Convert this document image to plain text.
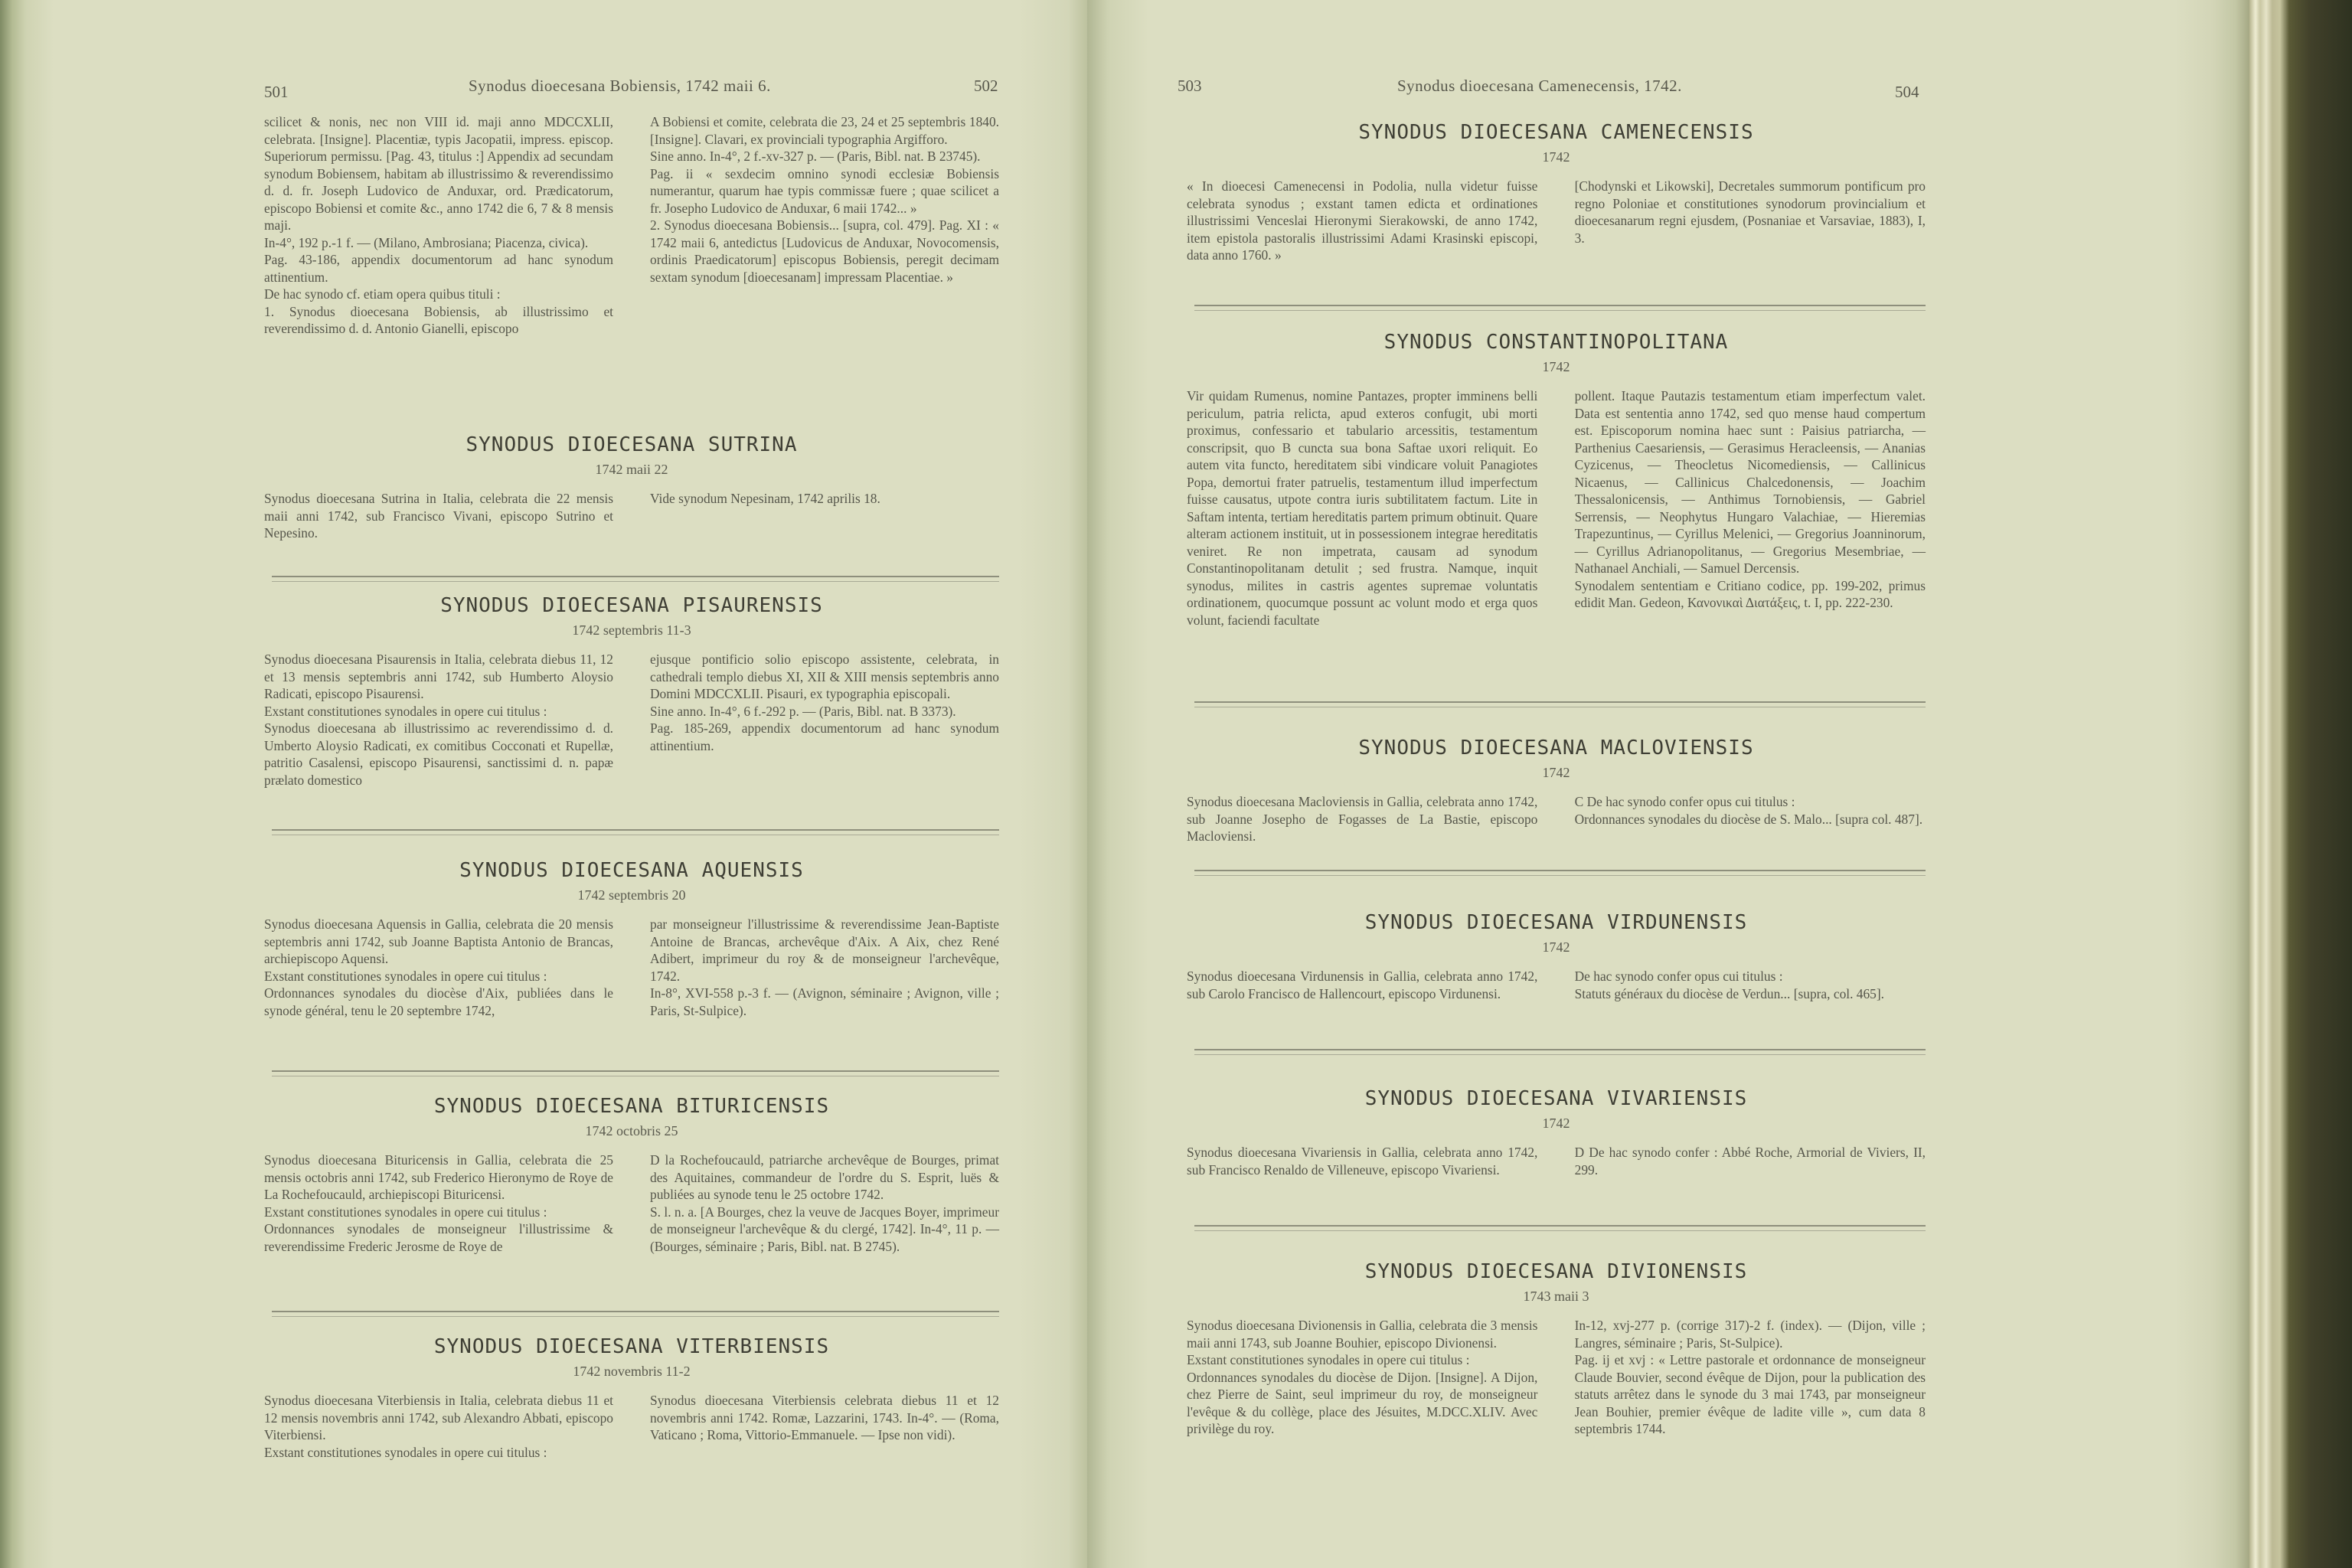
501	Synodus dioecesana Bobiensis, 1742 maii 6.	502

scilicet & nonis, nec non VIII id. maji anno MDCCXLII, celebrata. [Insigne]. Placentiæ, typis Jacopatii, impress. episcop. Superiorum permissu. [Pag. 43, titulus :] Appendix ad secundam synodum Bobiensem, habitam ab illustrissimo & reverendissimo d. d. fr. Joseph Ludovico de Anduxar, ord. Prædicatorum, episcopo Bobiensi et comite &c., anno 1742 die 6, 7 & 8 mensis maji.

In-4°, 192 p.-1 f. — (Milano, Ambrosiana; Piacenza, civica).

Pag. 43-186, appendix documentorum ad hanc synodum attinentium.

De hac synodo cf. etiam opera quibus tituli :

1. Synodus dioecesana Bobiensis, ab illustrissimo et reverendissimo d. d. Antonio Gianelli, episcopo

A Bobiensi et comite, celebrata die 23, 24 et 25 septembris 1840. [Insigne]. Clavari, ex provinciali typographia Argifforo.

Sine anno. In-4°, 2 f.-xv-327 p. — (Paris, Bibl. nat. B 23745).

Pag. ii « sexdecim omnino synodi ecclesiæ Bobiensis numerantur, quarum hae typis commissæ fuere ; quae scilicet a fr. Josepho Ludovico de Anduxar, 6 maii 1742... »

2. Synodus dioecesana Bobiensis... [supra, col. 479]. Pag. XI : « 1742 maii 6, antedictus [Ludovicus de Anduxar, Novocomensis, ordinis Praedicatorum] episcopus Bobiensis, peregit decimam sextam synodum [dioecesanam] impressam Placentiae. »

SYNODUS DIOECESANA SUTRINA
1742 maii 22

Synodus dioecesana Sutrina in Italia, celebrata die 22 mensis maii anni 1742, sub Francisco Vivani, episcopo Sutrino et Nepesino.

Vide synodum Nepesinam, 1742 aprilis 18.

SYNODUS DIOECESANA PISAURENSIS
1742 septembris 11-3

Synodus dioecesana Pisaurensis in Italia, celebrata diebus 11, 12 et 13 mensis septembris anni 1742, sub Humberto Aloysio Radicati, episcopo Pisaurensi.

Exstant constitutiones synodales in opere cui titulus :

Synodus dioecesana ab illustrissimo ac reverendissimo d. d. Umberto Aloysio Radicati, ex comitibus Cocconati et Rupellæ, patritio Casalensi, episcopo Pisaurensi, sanctissimi d. n. papæ prælato domestico

ejusque pontificio solio episcopo assistente, celebrata, in cathedrali templo diebus XI, XII & XIII mensis septembris anno Domini MDCCXLII. Pisauri, ex typographia episcopali.

Sine anno. In-4°, 6 f.-292 p. — (Paris, Bibl. nat. B 3373).

Pag. 185-269, appendix documentorum ad hanc synodum attinentium.

SYNODUS DIOECESANA AQUENSIS
1742 septembris 20

Synodus dioecesana Aquensis in Gallia, celebrata die 20 mensis septembris anni 1742, sub Joanne Baptista Antonio de Brancas, archiepiscopo Aquensi.

Exstant constitutiones synodales in opere cui titulus :

Ordonnances synodales du diocèse d'Aix, publiées dans le synode général, tenu le 20 septembre 1742,

par monseigneur l'illustrissime & reverendissime Jean-Baptiste Antoine de Brancas, archevêque d'Aix. A Aix, chez René Adibert, imprimeur du roy & de monseigneur l'archevêque, 1742.

In-8°, XVI-558 p.-3 f. — (Avignon, séminaire ; Avignon, ville ; Paris, St-Sulpice).

SYNODUS DIOECESANA BITURICENSIS
1742 octobris 25

Synodus dioecesana Bituricensis in Gallia, celebrata die 25 mensis octobris anni 1742, sub Frederico Hieronymo de Roye de La Rochefoucauld, archiepiscopi Bituricensi.

Exstant constitutiones synodales in opere cui titulus :

Ordonnances synodales de monseigneur l'illustrissime & reverendissime Frederic Jerosme de Roye de

D la Rochefoucauld, patriarche archevêque de Bourges, primat des Aquitaines, commandeur de l'ordre du S. Esprit, luës & publiées au synode tenu le 25 octobre 1742.

S. l. n. a. [A Bourges, chez la veuve de Jacques Boyer, imprimeur de monseigneur l'archevêque & du clergé, 1742]. In-4°, 11 p. — (Bourges, séminaire ; Paris, Bibl. nat. B 2745).

SYNODUS DIOECESANA VITERBIENSIS
1742 novembris 11-2

Synodus dioecesana Viterbiensis in Italia, celebrata diebus 11 et 12 mensis novembris anni 1742, sub Alexandro Abbati, episcopo Viterbiensi.

Exstant constitutiones synodales in opere cui titulus :

Synodus dioecesana Viterbiensis celebrata diebus 11 et 12 novembris anni 1742. Romæ, Lazzarini, 1743. In-4°. — (Roma, Vaticano ; Roma, Vittorio-Emmanuele. — Ipse non vidi).

503	Synodus dioecesana Camenecensis, 1742.	504
SYNODUS DIOECESANA CAMENECENSIS
1742

« In dioecesi Camenecensi in Podolia, nulla videtur fuisse celebrata synodus ; exstant tamen edicta et ordinationes illustrissimi Venceslai Hieronymi Sierakowski, de anno 1742, item epistola pastoralis illustrissimi Adami Krasinski episcopi, data anno 1760. »

[Chodynski et Likowski], Decretales summorum pontificum pro regno Poloniae et constitutiones synodorum provincialium et dioecesanarum regni ejusdem, (Posnaniae et Varsaviae, 1883), I, 3.

SYNODUS CONSTANTINOPOLITANA
1742

Vir quidam Rumenus, nomine Pantazes, propter imminens belli periculum, patria relicta, apud exteros confugit, ubi morti proximus, confessario et tabulario arcessitis, testamentum conscripsit, quo B cuncta sua bona Saftae uxori reliquit. Eo autem vita functo, hereditatem sibi vindicare voluit Panagiotes Popa, demortui frater patruelis, testamentum illud imperfectum fuisse causatus, utpote contra iuris subtilitatem factum. Lite in Saftam intenta, tertiam hereditatis partem primum obtinuit. Quare alteram actionem instituit, ut in possessionem integrae hereditatis veniret. Re non impetrata, causam ad synodum Constantinopolitanam detulit ; sed frustra. Namque, inquit synodus, milites in castris agentes supremae voluntatis ordinationem, quocumque possunt ac volunt modo et erga quos volunt, faciendi facultate

pollent. Itaque Pautazis testamentum etiam imperfectum valet. Data est sententia anno 1742, sed quo mense haud compertum est. Episcoporum nomina haec sunt : Paisius patriarcha, — Parthenius Caesariensis, — Gerasimus Heracleensis, — Ananias Cyzicenus, — Theocletus Nicomediensis, — Callinicus Nicaenus, — Callinicus Chalcedonensis, — Joachim Thessalonicensis, — Anthimus Tornobiensis, — Gabriel Serrensis, — Neophytus Hungaro Valachiae, — Hieremias Trapezuntinus, — Cyrillus Melenici, — Gregorius Joanninorum, — Cyrillus Adrianopolitanus, — Gregorius Mesembriae, — Nathanael Anchiali, — Samuel Dercensis.

Synodalem sententiam e Critiano codice, pp. 199-202, primus edidit Man. Gedeon, Κανονικαὶ Διατάξεις, t. I, pp. 222-230.

SYNODUS DIOECESANA MACLOVIENSIS
1742

Synodus dioecesana Macloviensis in Gallia, celebrata anno 1742, sub Joanne Josepho de Fogasses de La Bastie, episcopo Macloviensi.

C De hac synodo confer opus cui titulus :

Ordonnances synodales du diocèse de S. Malo... [supra col. 487].

SYNODUS DIOECESANA VIRDUNENSIS
1742

Synodus dioecesana Virdunensis in Gallia, celebrata anno 1742, sub Carolo Francisco de Hallencourt, episcopo Virdunensi.

De hac synodo confer opus cui titulus :

Statuts généraux du diocèse de Verdun... [supra, col. 465].

SYNODUS DIOECESANA VIVARIENSIS
1742

Synodus dioecesana Vivariensis in Gallia, celebrata anno 1742, sub Francisco Renaldo de Villeneuve, episcopo Vivariensi.

D De hac synodo confer : Abbé Roche, Armorial de Viviers, II, 299.

SYNODUS DIOECESANA DIVIONENSIS
1743 maii 3

Synodus dioecesana Divionensis in Gallia, celebrata die 3 mensis maii anni 1743, sub Joanne Bouhier, episcopo Divionensi.

Exstant constitutiones synodales in opere cui titulus :

Ordonnances synodales du diocèse de Dijon. [Insigne]. A Dijon, chez Pierre de Saint, seul imprimeur du roy, de monseigneur l'evêque & du collège, place des Jésuites, M.DCC.XLIV. Avec privilège du roy.

In-12, xvj-277 p. (corrige 317)-2 f. (index). — (Dijon, ville ; Langres, séminaire ; Paris, St-Sulpice).

Pag. ij et xvj : « Lettre pastorale et ordonnance de monseigneur Claude Bouvier, second évêque de Dijon, pour la publication des statuts arrêtez dans le synode du 3 mai 1743, par monseigneur Jean Bouhier, premier évêque de ladite ville », cum data 8 septembris 1744.
